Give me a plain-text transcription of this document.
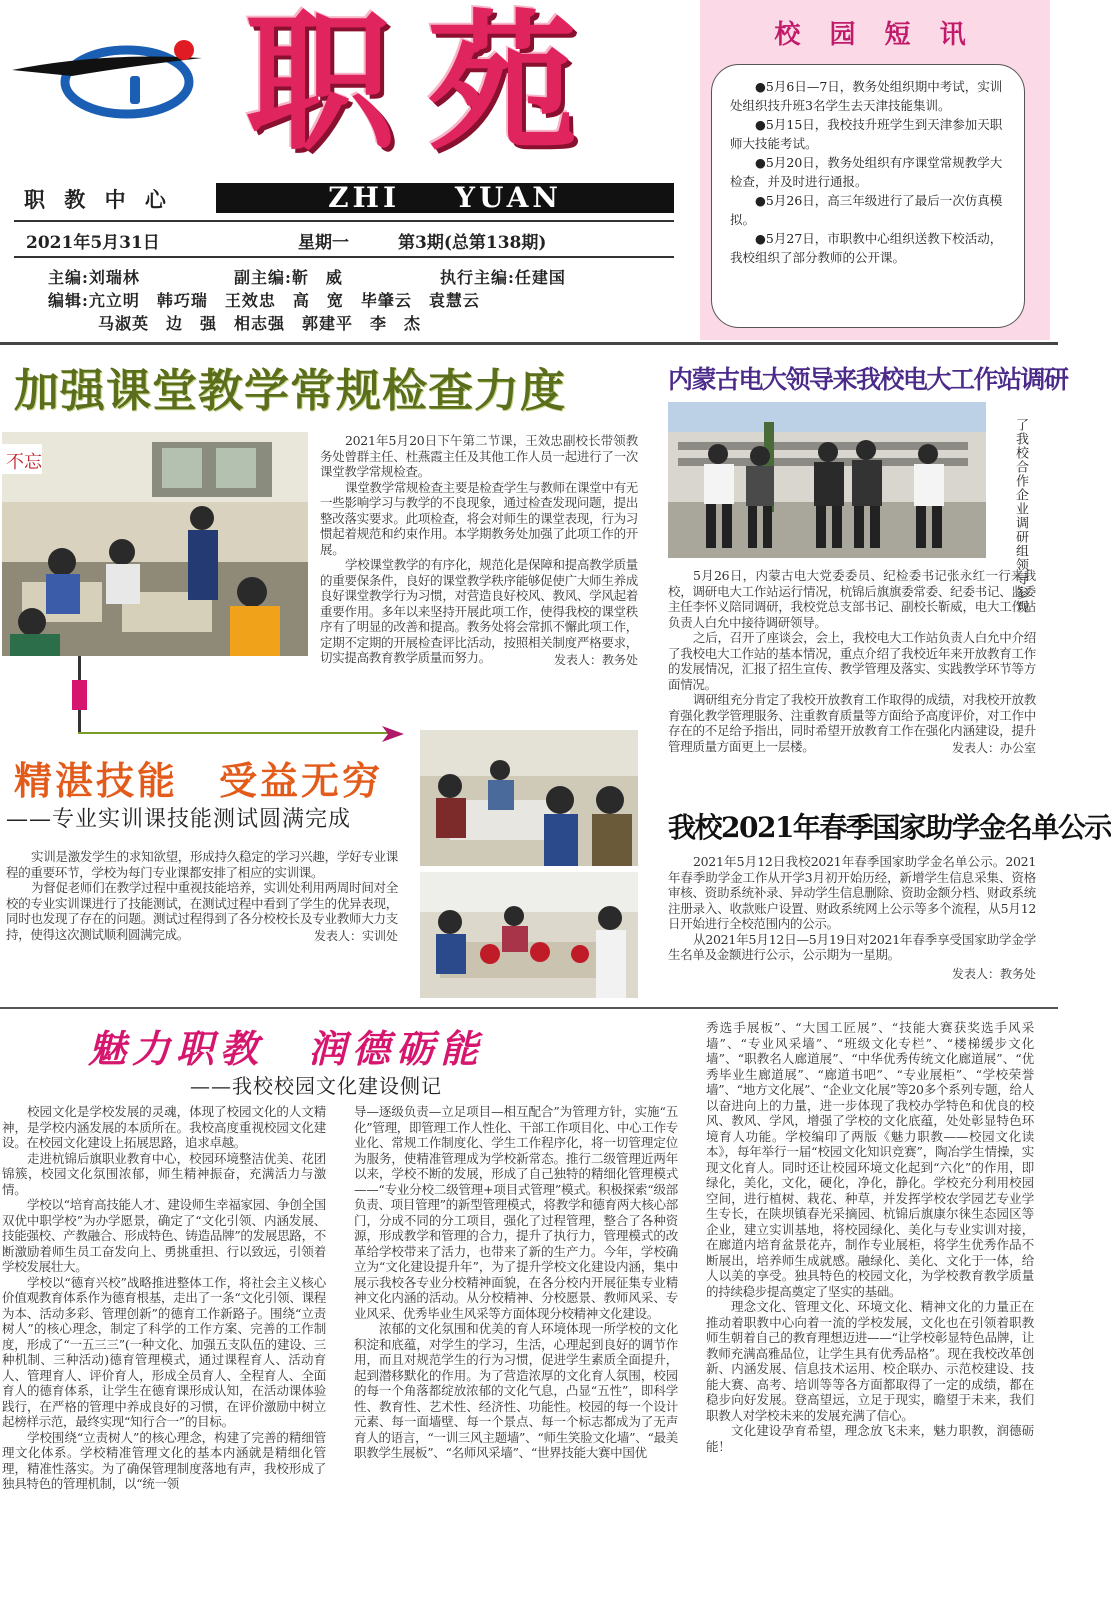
职 苑
职 教 中 心	ZHI    YUAN
2021年5月31日	星期一	第3期(总第138期)
主编:刘瑞林	副主编:靳　威	执行主编:任建国
编辑:亢立明　韩巧瑞　王效忠　高　宽　毕肇云　袁慧云
马淑英　边　强　相志强　郭建平　李　杰
校 园 短 讯
●5月6日—7日，教务处组织期中考试，实训处组织技升班3名学生去天津技能集训。
●5月15日，我校技升班学生到天津参加天职师大技能考试。
●5月20日，教务处组织有序课堂常规教学大检查，并及时进行通报。
●5月26日，高三年级进行了最后一次仿真模拟。
●5月27日，市职教中心组织送教下校活动，我校组织了部分教师的公开课。
加强课堂教学常规检查力度
不忘

2021年5月20日下午第二节课，王效忠副校长带领教务处曾群主任、杜燕霞主任及其他工作人员一起进行了一次课堂教学常规检查。

课堂教学常规检查主要是检查学生与教师在课堂中有无一些影响学习与教学的不良现象，通过检查发现问题，提出整改落实要求。此项检查，将会对师生的课堂表现，行为习惯起着规范和约束作用。本学期教务处加强了此项工作的开展。

学校课堂教学的有序化，规范化是保障和提高教学质量的重要保条件，良好的课堂教学秩序能够促使广大师生养成良好课堂教学行为习惯，对营造良好校风、教风、学风起着重要作用。多年以来坚持开展此项工作，使得我校的课堂秩序有了明显的改善和提高。教务处将会常抓不懈此项工作，定期不定期的开展检查评比活动，按照相关制度严格要求，切实提高教育教学质量而努力。	发表人：教务处
精湛技能　受益无穷
——专业实训课技能测试圆满完成

实训是激发学生的求知欲望，形成持久稳定的学习兴趣，学好专业课程的重要环节，学校为每门专业课都安排了相应的实训课。

为督促老师们在教学过程中重视技能培养，实训处利用两周时间对全校的专业实训课进行了技能测试，在测试过程中看到了学生的优异表现，同时也发现了存在的问题。测试过程得到了各分校校长及专业教师大力支持，使得这次测试顺利圆满完成。	发表人：实训处
内蒙古电大领导来我校电大工作站调研
了我校合作企业调研组领导参观

5月26日，内蒙古电大党委委员、纪检委书记张永红一行来我校，调研电大工作站运行情况，杭锦后旗旗委常委、纪委书记、监委主任李怀义陪同调研，我校党总支部书记、副校长靳威，电大工作站负责人白允中接待调研领导。

之后，召开了座谈会，会上，我校电大工作站负责人白允中介绍了我校电大工作站的基本情况，重点介绍了我校近年来开放教育工作的发展情况，汇报了招生宣传、教学管理及落实、实践教学环节等方面情况。

调研组充分肯定了我校开放教育工作取得的成绩，对我校开放教育强化教学管理服务、注重教育质量等方面给予高度评价，对工作中存在的不足给予指出，同时希望开放教育工作在强化内涵建设，提升管理质量方面更上一层楼。	发表人：办公室
我校2021年春季国家助学金名单公示

2021年5月12日我校2021年春季国家助学金名单公示。2021年春季助学金工作从开学3月初开始历经，新增学生信息采集、资格审核、资助系统补录、异动学生信息删除、资助金额分档、财政系统注册录入、收款账户设置、财政系统网上公示等多个流程，从5月12日开始进行全校范围内的公示。

从2021年5月12日—5月19日对2021年春季享受国家助学金学生名单及金额进行公示，公示期为一星期。

发表人：教务处
魅力职教　润德砺能
——我校校园文化建设侧记

校园文化是学校发展的灵魂，体现了校园文化的人文精神，是学校内涵发展的本质所在。我校高度重视校园文化建设。在校园文化建设上拓展思路，追求卓越。

走进杭锦后旗职业教育中心，校园环境整洁优美、花团锦簇，校园文化氛围浓郁，师生精神振奋，充满活力与激情。

学校以“培育高技能人才、建设师生幸福家园、争创全国双优中职学校”为办学愿景，确定了“文化引领、内涵发展、技能强校、产教融合、形成特色、铸造品牌”的发展思路，不断激励着师生员工奋发向上、勇挑重担、行以致远，引领着学校发展壮大。

学校以“德育兴校”战略推进整体工作，将社会主义核心价值观教育体系作为德育根基，走出了一条“文化引领、课程为本、活动多彩、管理创新”的德育工作新路子。围绕“立责树人”的核心理念，制定了科学的工作方案、完善的工作制度，形成了“一五三三”(一种文化、加强五支队伍的建设、三种机制、三种活动)德育管理模式，通过课程育人、活动育人、管理育人、评价育人，形成全员育人、全程育人、全面育人的德育体系，让学生在德育课形成认知，在活动课体验践行，在严格的管理中养成良好的习惯，在评价激励中树立起榜样示范，最终实现“知行合一”的目标。

学校围绕“立责树人”的核心理念，构建了完善的精细管理文化体系。学校精准管理文化的基本内涵就是精细化管理，精准性落实。为了确保管理制度落地有声，我校形成了独具特色的管理机制，以“统一领

导—逐级负责—立足项目—相互配合”为管理方针，实施“五化”管理，即管理工作人性化、干部工作项目化、中心工作专业化、常规工作制度化、学生工作程序化，将一切管理定位为服务，使精准管理成为学校新常态。推行二级管理近两年以来，学校不断的发展，形成了自己独特的精细化管理模式——“专业分校二级管理+项目式管理”模式。积极探索“级部负责、项目管理”的新型管理模式，将教学和德育两大核心部门，分成不同的分工项目，强化了过程管理，整合了各种资源，形成教学和管理的合力，提升了执行力，管理模式的改革给学校带来了活力，也带来了新的生产力。今年，学校确立为“文化建设提升年”，为了提升学校文化建设内涵，集中展示我校各专业分校精神面貌，在各分校内开展征集专业精神文化内涵的活动。从分校精神、分校愿景、教师风采、专业风采、优秀毕业生风采等方面体现分校精神文化建设。

浓郁的文化氛围和优美的育人环境体现一所学校的文化积淀和底蕴，对学生的学习，生活，心理起到良好的调节作用，而且对规范学生的行为习惯，促进学生素质全面提升，起到潜移默化的作用。为了营造浓厚的文化育人氛围，校园的每一个角落都绽放浓郁的文化气息，凸显“五性”，即科学性、教育性、艺术性、经济性、功能性。校园的每一个设计元素、每一面墙壁、每一个景点、每一个标志都成为了无声育人的语言，“一训三风主题墙”、“师生笑脸文化墙”、“最美职教学生展板”、“名师风采墙”、“世界技能大赛中国优

秀选手展板”、“大国工匠展”、“技能大赛获奖选手风采墙”、“专业风采墙”、“班级文化专栏”、“楼梯缓步文化墙”、“职教名人廊道展”、“中华优秀传统文化廊道展”、“优秀毕业生廊道展”、“廊道书吧”、“专业展柜”、“学校荣誉墙”、“地方文化展”、“企业文化展”等20多个系列专题，给人以奋进向上的力量，进一步体现了我校办学特色和优良的校风、教风、学风，增强了学校的文化底蕴，处处彰显特色环境育人功能。学校编印了两版《魅力职教——校园文化读本》，每年举行一届“校园文化知识竞赛”，陶冶学生情操，实现文化育人。同时还让校园环境文化起到“六化”的作用，即绿化，美化，文化，硬化，净化，静化。学校充分利用校园空间，进行植树、栽花、种草，并发挥学校农学园艺专业学生专长，在陕坝镇春光采摘园、杭锦后旗康尔徕生态园区等企业，建立实训基地，将校园绿化、美化与专业实训对接，在廊道内培育盆景花卉，制作专业展柜，将学生优秀作品不断展出，培养师生成就感。融绿化、美化、文化于一体，给人以美的享受。独具特色的校园文化，为学校教育教学质量的持续稳步提高奠定了坚实的基础。

理念文化、管理文化、环境文化、精神文化的力量正在推动着职教中心向着一流的学校发展，文化也在引领着职教师生朝着自己的教育理想迈进——“让学校彰显特色品牌，让教师充满高雅品位，让学生具有优秀品格”。现在我校改革创新、内涵发展、信息技术运用、校企联办、示范校建设、技能大赛、高考、培训等等各方面都取得了一定的成绩，都在稳步向好发展。登高望远，立足于现实，瞻望于未来，我们职教人对学校未来的发展充满了信心。

文化建设孕育希望，理念放飞未来，魅力职教，润德砺能！
